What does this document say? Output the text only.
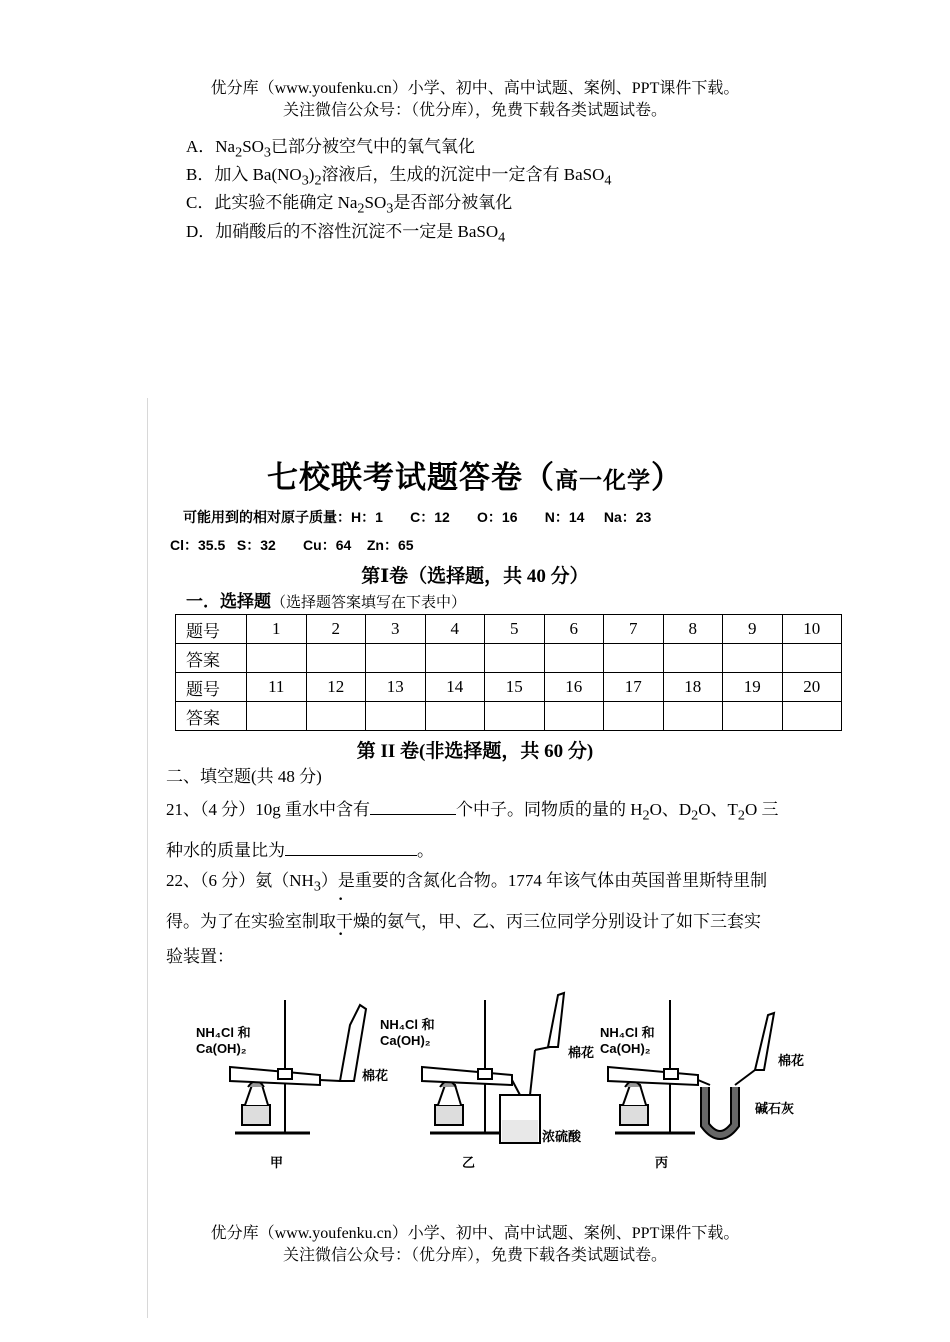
优分库（www.youfenku.cn）小学、初中、高中试题、案例、PPT课件下载。
关注微信公众号：（优分库），免费下载各类试题试卷。
A．$Na_2SO_3$已部分被空气中的氧气氧化
B．加入 $Ba(NO_3)_2$溶液后，生成的沉淀中一定含有 BaSO$_4$
C．此实验不能确定 $Na_2SO_3$是否部分被氧化
D．加硝酸后的不溶性沉淀不一定是 BaSO$_4$
七校联考试题答卷（高一化学）
可能用到的相对原子质量：H：1       C：12       O：16       N：14     Na：23
Cl：35.5   S：32       Cu：64    Zn：65
第Ⅰ卷（选择题，共 40 分）
一．选择题（选择题答案填写在下表中）
题号	1	2	3	4	5	6	7	8	9	10
答案										
题号	11	12	13	14	15	16	17	18	19	20
答案										
第 II 卷(非选择题，共 60 分)
二、填空题(共 48 分)
21、（4 分）10g 重水中含有	个中子。同物质的量的 $H_2O$、$D_2O$、$T_2O$ 三
种水的质量比为	。
22、（6 分）氨$(NH_3)$是重要的含氮化合物。1774 年该气体由英国普里斯特里制
得。为了在实验室制取干燥
· ·
的氨气，甲、乙、丙三位同学分别设计了如下三套实
验装置：
NH₄Cl 和
Ca(OH)₂
棉花
NH₄Cl 和
Ca(OH)₂
棉花
浓硫酸
NH₄Cl 和
Ca(OH)₂
棉花
碱石灰
甲	乙	丙
优分库（www.youfenku.cn）小学、初中、高中试题、案例、PPT课件下载。
关注微信公众号：（优分库），免费下载各类试题试卷。
